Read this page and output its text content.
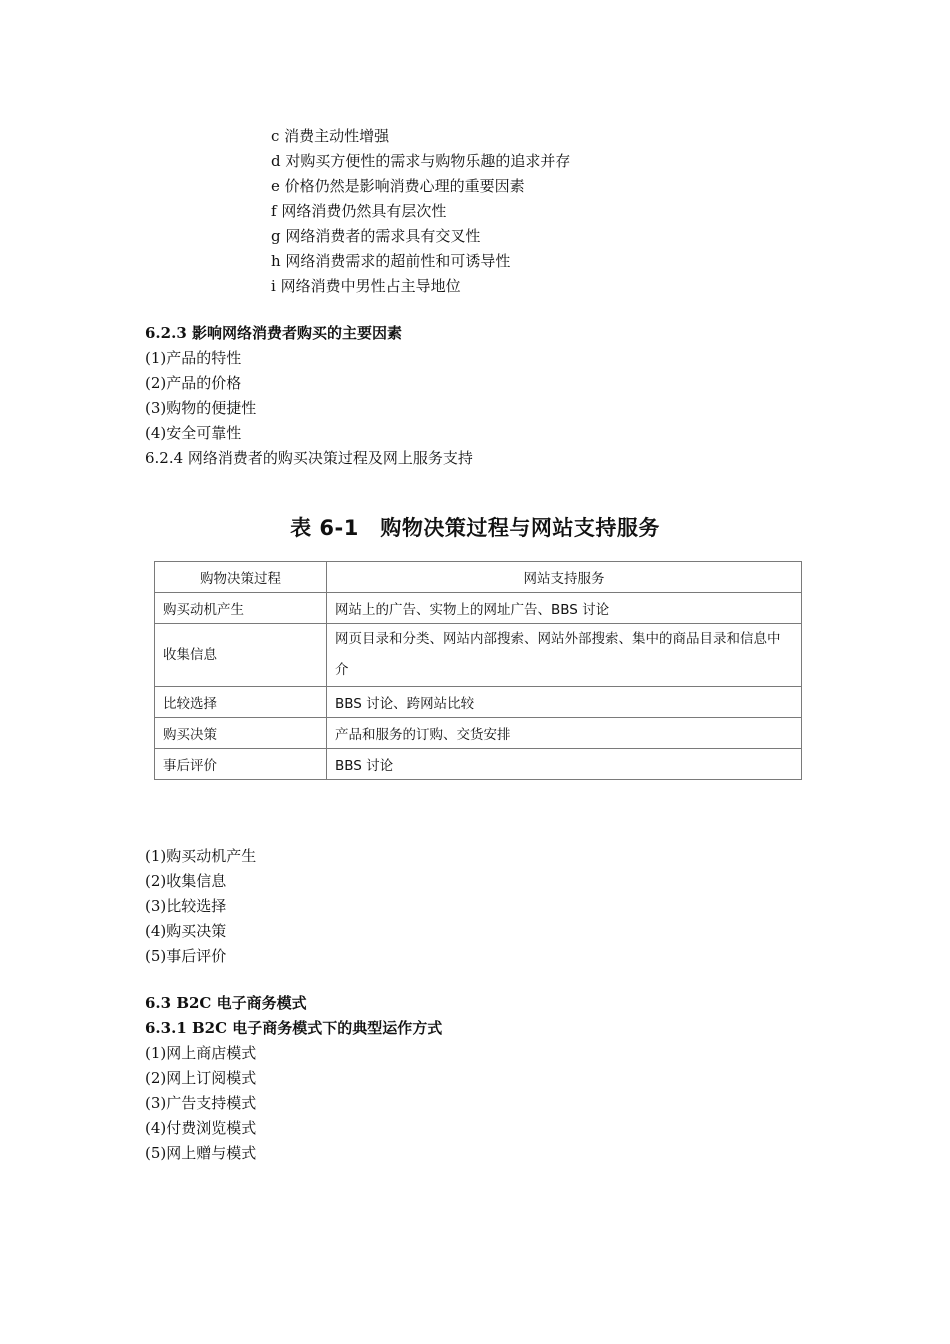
c 消费主动性增强
d 对购买方便性的需求与购物乐趣的追求并存
e 价格仍然是影响消费心理的重要因素
f 网络消费仍然具有层次性
g 网络消费者的需求具有交叉性
h 网络消费需求的超前性和可诱导性
i 网络消费中男性占主导地位
6.2.3 影响网络消费者购买的主要因素
(1)产品的特性
(2)产品的价格
(3)购物的便捷性
(4)安全可靠性
6.2.4 网络消费者的购买决策过程及网上服务支持
表 6-1　购物决策过程与网站支持服务
购物决策过程	网站支持服务
购买动机产生	网站上的广告、实物上的网址广告、BBS 讨论
收集信息	网页目录和分类、网站内部搜索、网站外部搜索、集中的商品目录和信息中介
比较选择	BBS 讨论、跨网站比较
购买决策	产品和服务的订购、交货安排
事后评价	BBS 讨论
(1)购买动机产生
(2)收集信息
(3)比较选择
(4)购买决策
(5)事后评价
6.3 B2C 电子商务模式
6.3.1 B2C 电子商务模式下的典型运作方式
(1)网上商店模式
(2)网上订阅模式
(3)广告支持模式
(4)付费浏览模式
(5)网上赠与模式
